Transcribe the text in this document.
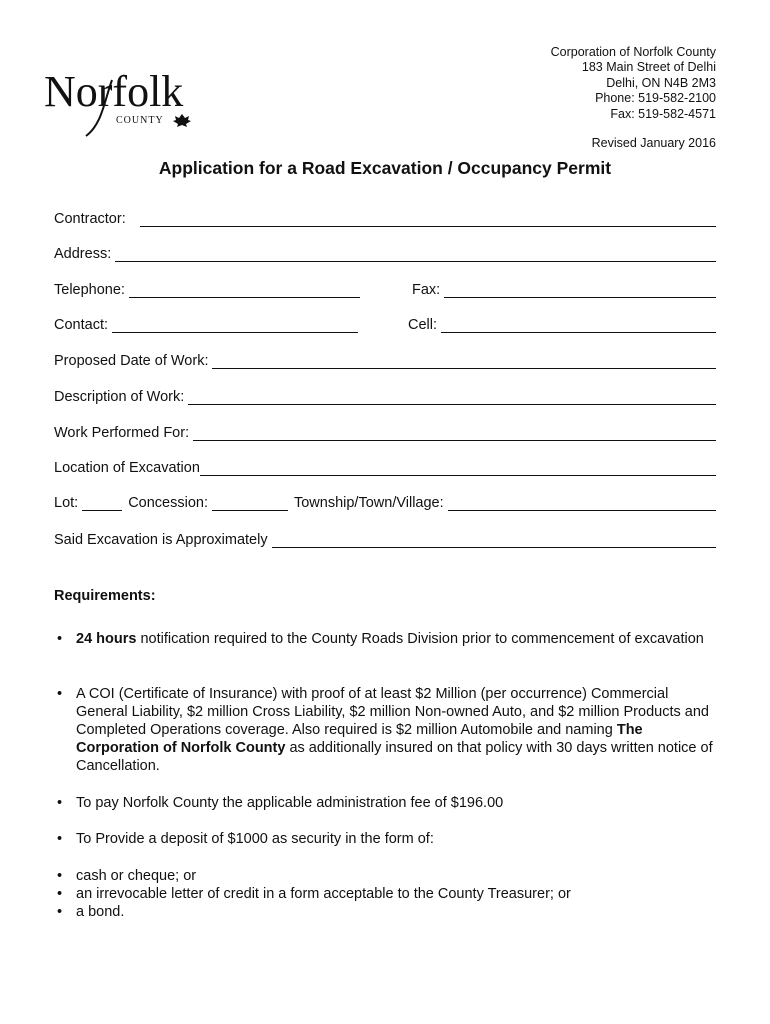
Norfolk
COUNTY
Corporation of Norfolk County
183 Main Street of Delhi
Delhi, ON N4B 2M3
Phone: 519-582-2100
Fax: 519-582-4571
Revised January 2016
Application for a Road Excavation / Occupancy Permit
Contractor:
Address:
Telephone:	Fax:
Contact:	Cell:
Proposed Date of Work:
Description of Work:
Work Performed For:
Location of Excavation
Lot:	Concession:	Township/Town/Village:
Said Excavation is Approximately
Requirements:
• 24 hours notification required to the County Roads Division prior to commencement of excavation
• A COI (Certificate of Insurance) with proof of at least $2 Million (per occurrence) Commercial General Liability, $2 million Cross Liability, $2 million Non-owned Auto, and $2 million Products and Completed Operations coverage. Also required is $2 million Automobile and naming The Corporation of Norfolk County as additionally insured on that policy with 30 days written notice of Cancellation.
• To pay Norfolk County the applicable administration fee of $196.00
• To Provide a deposit of $1000 as security in the form of:
• cash or cheque; or
• an irrevocable letter of credit in a form acceptable to the County Treasurer; or
• a bond.
